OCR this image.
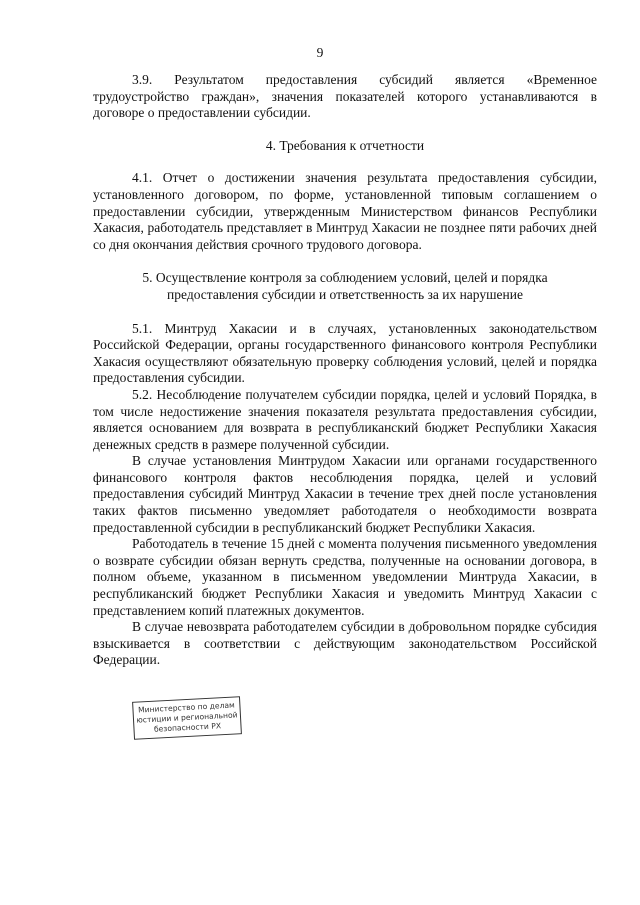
9

3.9. Результатом предоставления субсидий является «Временное трудоустройство граждан», значения показателей которого устанавливаются в договоре о предоставлении субсидии.

4. Требования к отчетности

4.1. Отчет о достижении значения результата предоставления субсидии, установленного договором, по форме, установленной типовым соглашением о предоставлении субсидии, утвержденным Министерством финансов Республики Хакасия, работодатель представляет в Минтруд Хакасии не позднее пяти рабочих дней со дня окончания действия срочного трудового договора.

5. Осуществление контроля за соблюдением условий, целей и порядка

предоставления субсидии и ответственность за их нарушение

5.1. Минтруд Хакасии и в случаях, установленных законодательством Российской Федерации, органы государственного финансового контроля Республики Хакасия осуществляют обязательную проверку соблюдения условий, целей и порядка предоставления субсидии.

5.2. Несоблюдение получателем субсидии порядка, целей и условий Порядка, в том числе недостижение значения показателя результата предоставления субсидии, является основанием для возврата в республиканский бюджет Республики Хакасия денежных средств в размере полученной субсидии.

В случае установления Минтрудом Хакасии или органами государственного финансового контроля фактов несоблюдения порядка, целей и условий предоставления субсидий Минтруд Хакасии в течение трех дней после установления таких фактов письменно уведомляет работодателя о необходимости возврата предоставленной субсидии в республиканский бюджет Республики Хакасия.

Работодатель в течение 15 дней с момента получения письменного уведомления о возврате субсидии обязан вернуть средства, полученные на основании договора, в полном объеме, указанном в письменном уведомлении Минтруда Хакасии, в республиканский бюджет Республики Хакасия и уведомить Минтруд Хакасии с представлением копий платежных документов.

В случае невозврата работодателем субсидии в добровольном порядке субсидия взыскивается в соответствии с действующим законодательством Российской Федерации.

Министерство по делам
юстиции и региональной
безопасности РХ
